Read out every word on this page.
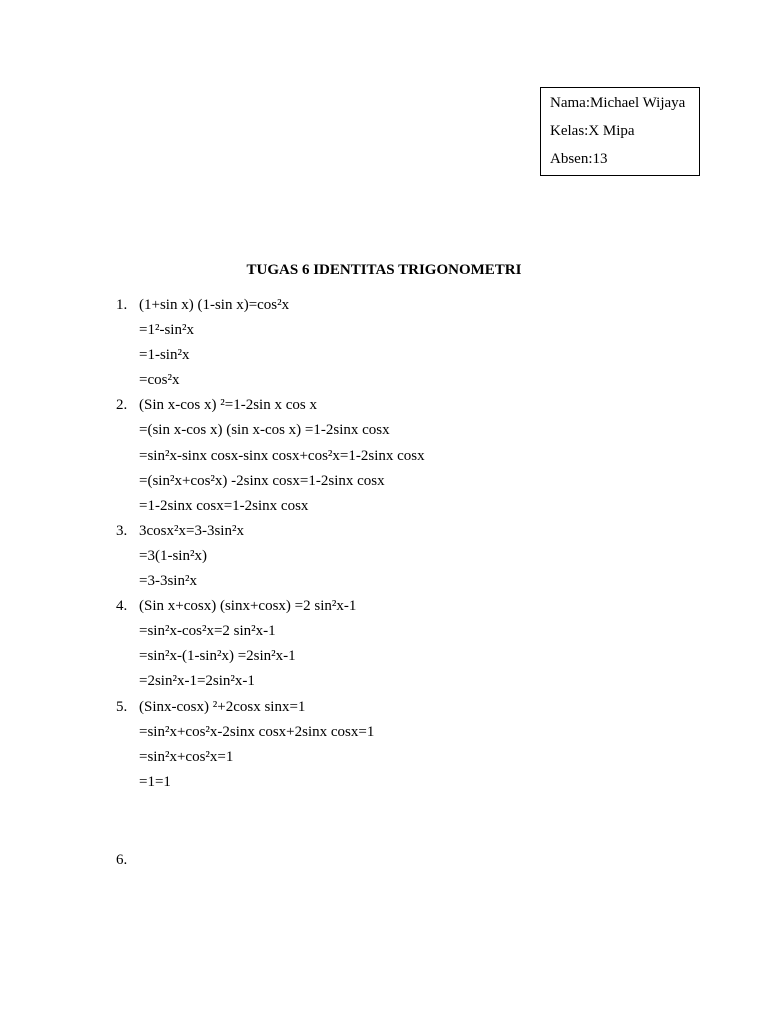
Nama:Michael Wijaya
Kelas:X Mipa
Absen:13
TUGAS 6 IDENTITAS TRIGONOMETRI
1. (1+sin x) (1-sin x)=cos²x
=1²-sin²x
=1-sin²x
=cos²x
2. (Sin x-cos x) ²=1-2sin x cos x
=(sin x-cos x) (sin x-cos x) =1-2sinx cosx
=sin²x-sinx cosx-sinx cosx+cos²x=1-2sinx cosx
=(sin²x+cos²x) -2sinx cosx=1-2sinx cosx
=1-2sinx cosx=1-2sinx cosx
3. 3cosx²x=3-3sin²x
=3(1-sin²x)
=3-3sin²x
4. (Sin x+cosx) (sinx+cosx) =2 sin²x-1
=sin²x-cos²x=2 sin²x-1
=sin²x-(1-sin²x) =2sin²x-1
=2sin²x-1=2sin²x-1
5. (Sinx-cosx) ²+2cosx sinx=1
=sin²x+cos²x-2sinx cosx+2sinx cosx=1
=sin²x+cos²x=1
=1=1
6.
